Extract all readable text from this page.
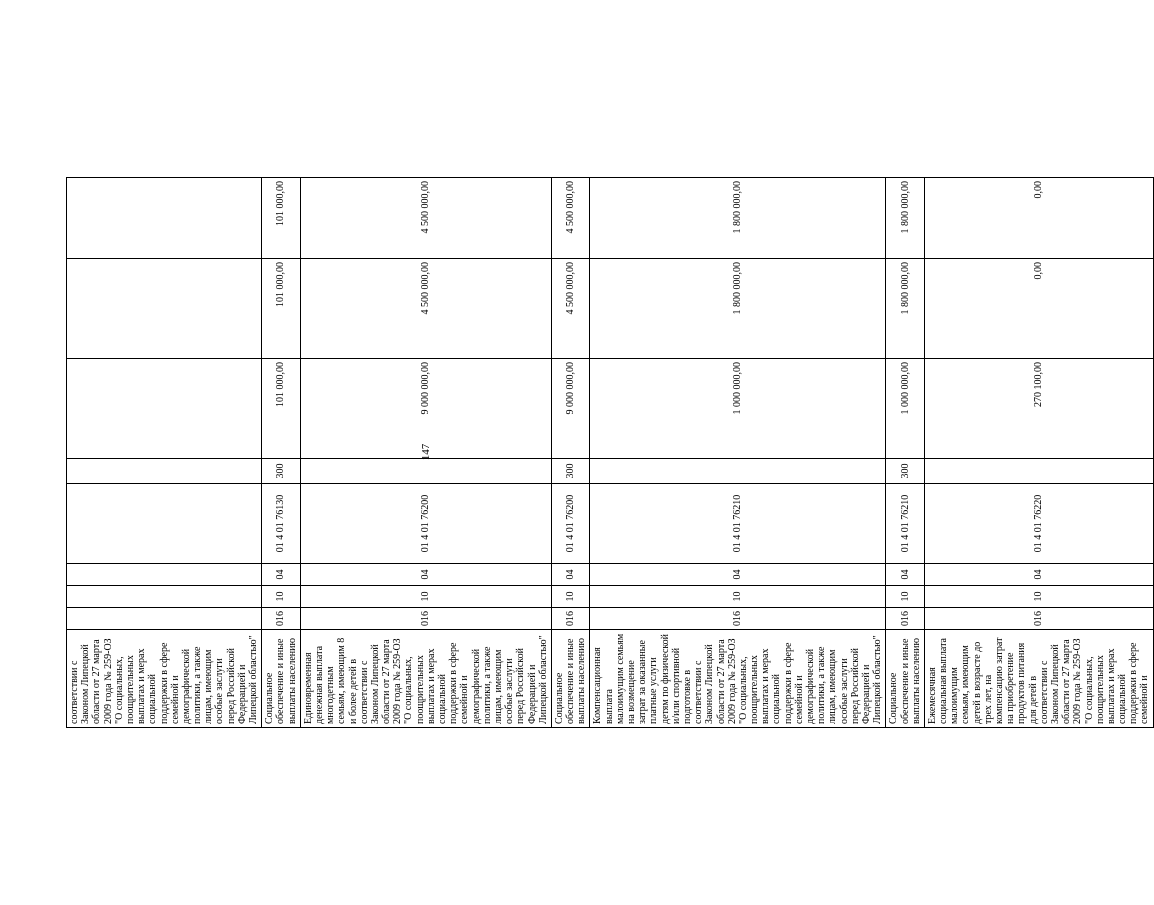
147
соответствии с Законом Липецкой области от 27 марта 2009 года № 259-ОЗ "О социальных, поощрительных выплатах и мерах социальной поддержки в сфере семейной и демографической политики, а также лицам, имеющим особые заслуги перед Российской Федерацией и Липецкой областью"								
Социальное обеспечение и иные выплаты населению	016	10	04	01 4 01 76130	300	101 000,00	101 000,00	101 000,00
Единовременная денежная выплата многодетным семьям, имеющим 8 и более детей в соответствии с Законом Липецкой области от 27 марта 2009 года № 259-ОЗ "О социальных, поощрительных выплатах и мерах социальной поддержки в сфере семейной и демографической политики, а также лицам, имеющим особые заслуги перед Российской Федерацией и Липецкой областью"	016	10	04	01 4 01 76200		9 000 000,00	4 500 000,00	4 500 000,00
Социальное обеспечение и иные выплаты населению	016	10	04	01 4 01 76200	300	9 000 000,00	4 500 000,00	4 500 000,00
Компенсационная выплата малоимущим семьям на возмещение затрат за оказанные платные услуги детям по физической и/или спортивной подготовке в соответствии с Законом Липецкой области от 27 марта 2009 года № 259-ОЗ "О социальных, поощрительных выплатах и мерах социальной поддержки в сфере семейной и демографической политики, а также лицам, имеющим особые заслуги перед Российской Федерацией и Липецкой областью"	016	10	04	01 4 01 76210		1 000 000,00	1 800 000,00	1 800 000,00
Социальное обеспечение и иные выплаты населению	016	10	04	01 4 01 76210	300	1 000 000,00	1 800 000,00	1 800 000,00
Ежемесячная социальная выплата малоимущим семьям, имеющим детей в возрасте до трех лет, на компенсацию затрат на приобретение продуктов питания для детей в соответствии с Законом Липецкой области от 27 марта 2009 года № 259-ОЗ "О социальных, поощрительных выплатах и мерах социальной поддержки в сфере семейной и	016	10	04	01 4 01 76220		270 100,00	0,00	0,00
